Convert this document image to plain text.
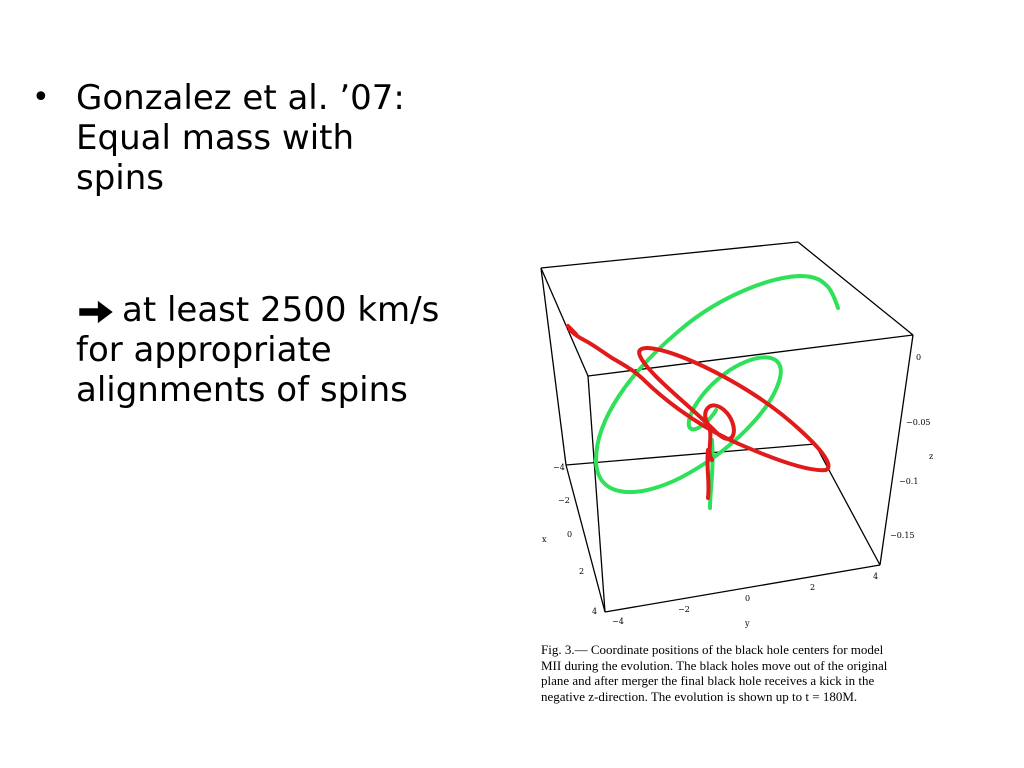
• Gonzalez et al. ’07:
Equal mass with
spins
at least 2500 km/s
for appropriate
alignments of spins
−4
−2
0
2
4
x
−4
−2
0
2
4
y
0
−0.05
−0.1
−0.15
z
Fig. 3.— Coordinate positions of the black hole centers for model
MII during the evolution. The black holes move out of the original
plane and after merger the final black hole receives a kick in the
negative z-direction. The evolution is shown up to t = 180M.
